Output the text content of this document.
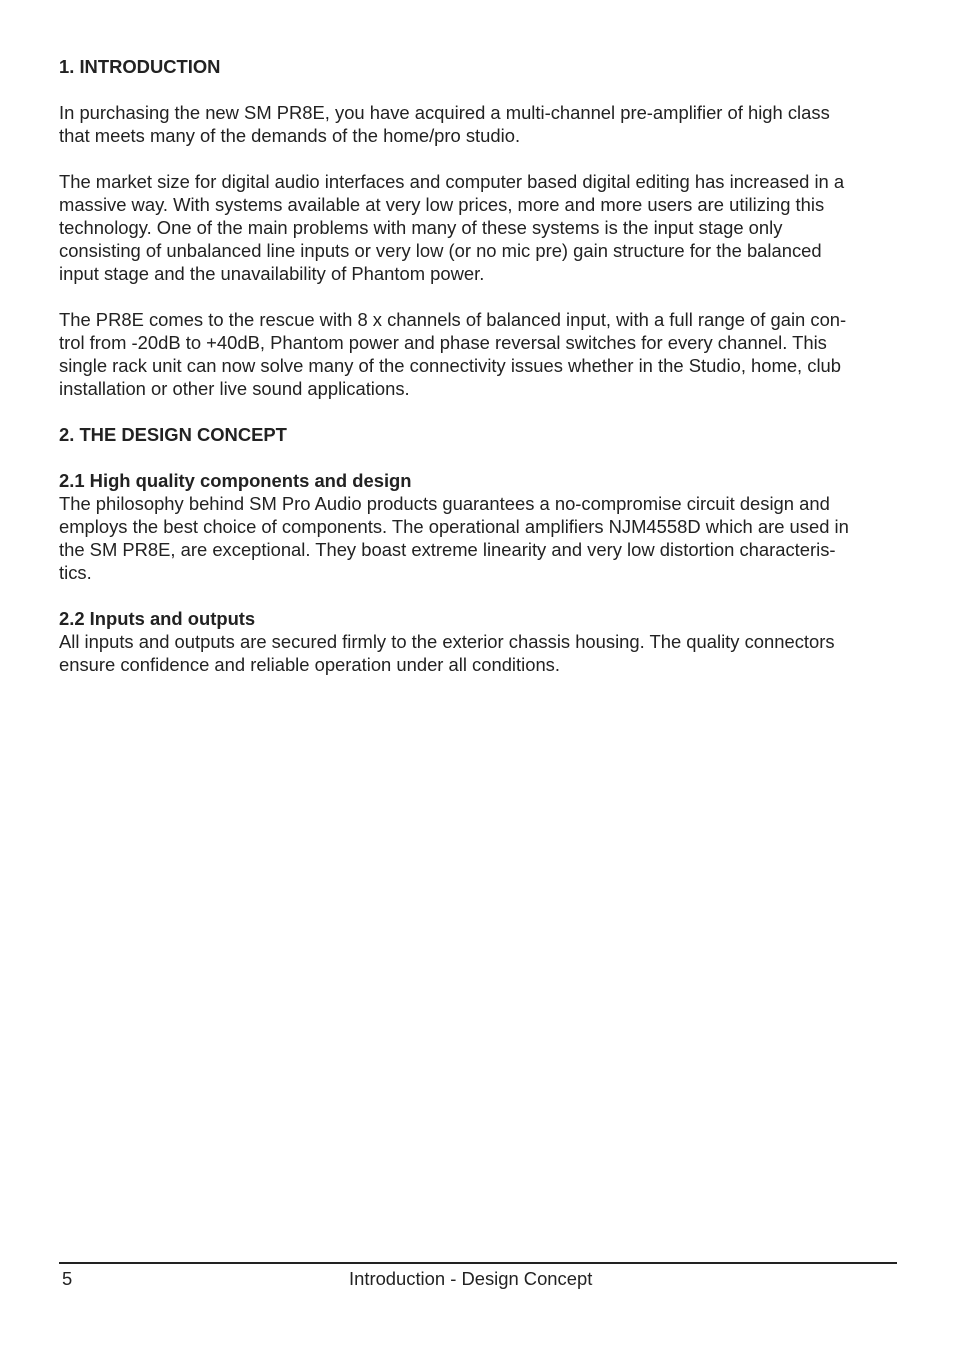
1. INTRODUCTION
In purchasing the new SM PR8E, you have acquired a multi-channel pre-amplifier of high class
that meets many of the demands of the home/pro studio.
The market size for digital audio interfaces and computer based digital editing has increased in a
massive way. With systems available at very low prices, more and more users are utilizing this
technology. One of the main problems with many of these systems is the input stage only
consisting of unbalanced line inputs or very low (or no mic pre) gain structure for the balanced
input stage and the unavailability of Phantom power.
The PR8E comes to the rescue with 8 x channels of balanced input, with a full range of gain con-
trol from -20dB to +40dB, Phantom power and phase reversal switches for every channel. This
single rack unit can now solve many of the connectivity issues whether in the Studio, home, club
installation or other live sound applications.
2. THE DESIGN CONCEPT
2.1 High quality components and design
The philosophy behind SM Pro Audio products guarantees a no-compromise circuit design and
employs the best choice of components. The operational amplifiers NJM4558D which are used in
the SM PR8E, are exceptional. They boast extreme linearity and very low distortion characteris-
tics.
2.2 Inputs and outputs
All inputs and outputs are secured firmly to the exterior chassis housing. The quality connectors
ensure confidence and reliable operation under all conditions.
5	Introduction - Design Concept
